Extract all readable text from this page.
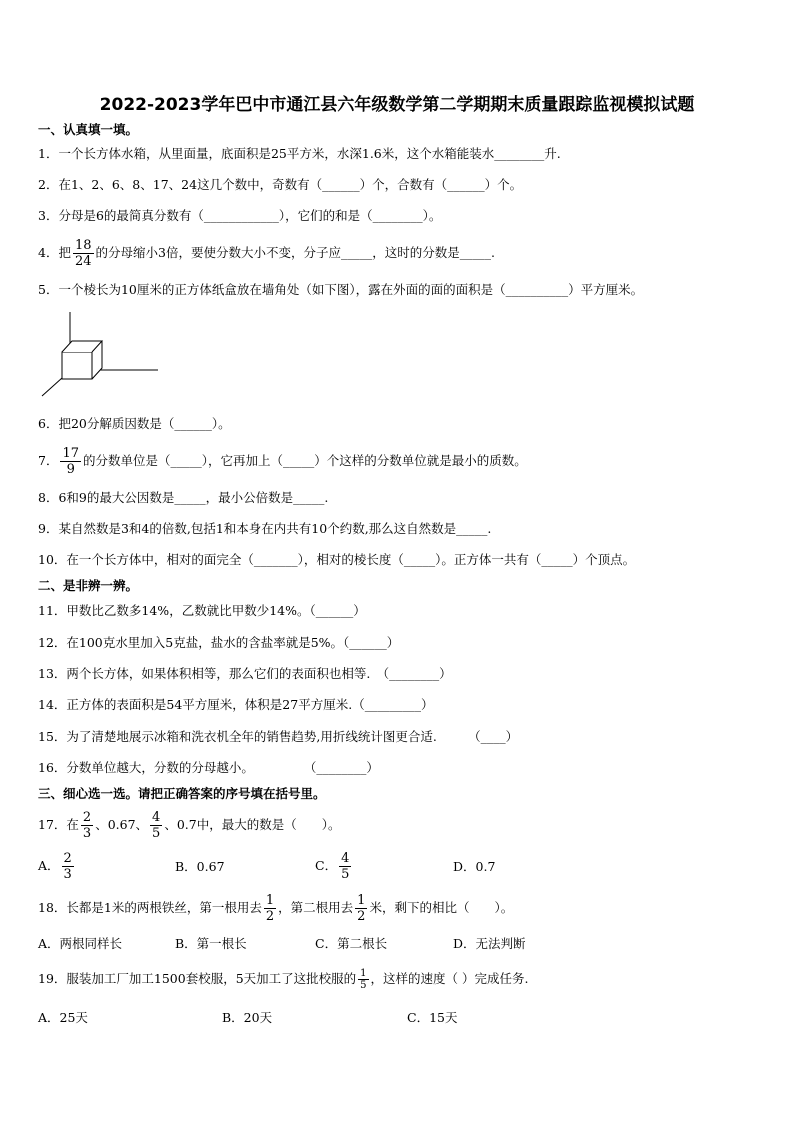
2022-2023学年巴中市通江县六年级数学第二学期期末质量跟踪监视模拟试题
一、认真填一填。
1．一个长方体水箱，从里面量，底面积是25平方米，水深1.6米，这个水箱能装水________升.
2．在1、2、6、8、17、24这几个数中，奇数有（______）个，合数有（______）个。
3．分母是6的最简真分数有（____________），它们的和是（________）。
4．把 $\frac{18}{24}$ 的分母缩小3倍，要使分数大小不变，分子应_____，这时的分数是_____.
5．一个棱长为10厘米的正方体纸盒放在墙角处（如下图），露在外面的面的面积是（__________）平方厘米。
6．把20分解质因数是（______）。
7． $\frac{17}{9}$ 的分数单位是（_____），它再加上（_____）个这样的分数单位就是最小的质数。
8．6和9的最大公因数是_____，最小公倍数是_____.
9．某自然数是3和4的倍数,包括1和本身在内共有10个约数,那么这自然数是_____.
10．在一个长方体中，相对的面完全（_______），相对的棱长度（_____）。正方体一共有（_____）个顶点。
二、是非辨一辨。
11．甲数比乙数多14%，乙数就比甲数少14%。（______）
12．在100克水里加入5克盐，盐水的含盐率就是5%。（______）
13．两个长方体，如果体积相等，那么它们的表面积也相等.　（________）
14．正方体的表面积是54平方厘米，体积是27平方厘米.（_________）
15．为了清楚地展示冰箱和洗衣机全年的销售趋势,用折线统计图更合适.　　　（____）
16．分数单位越大，分数的分母越小。　　　　　（________）
三、细心选一选。请把正确答案的序号填在括号里。
17．在 $\frac{2}{3}$ 、0.67、 $\frac{4}{5}$ 、0.7中，最大的数是（　　）。
A． $\frac{2}{3}$	B．0.67	C． $\frac{4}{5}$	D．0.7
18．长都是1米的两根铁丝，第一根用去 $\frac{1}{2}$ ，第二根用去 $\frac{1}{2}$ 米，剩下的相比（　　）。
A．两根同样长	B．第一根长	C．第二根长	D．无法判断
19．服装加工厂加工1500套校服，5天加工了这批校服的 $\frac{1}{5}$ ，这样的速度（ ）完成任务.
A．25天	B．20天	C．15天
